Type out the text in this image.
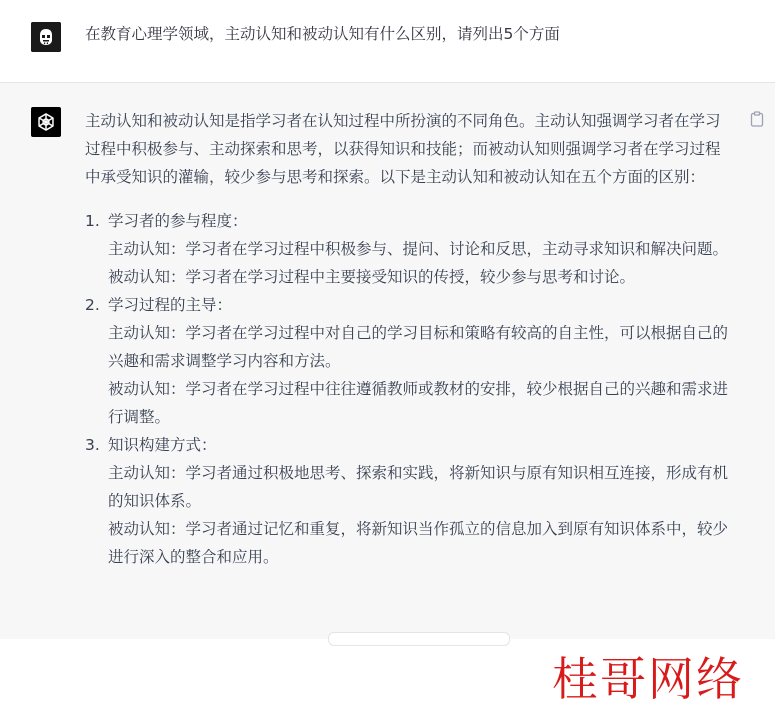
在教育心理学领域，主动认知和被动认知有什么区别，请列出5个方面

主动认知和被动认知是指学习者在认知过程中所扮演的不同角色。主动认知强调学习者在学习过程中积极参与、主动探索和思考，以获得知识和技能；而被动认知则强调学习者在学习过程中承受知识的灌输，较少参与思考和探索。以下是主动认知和被动认知在五个方面的区别：

1. 学习者的参与程度：
主动认知：学习者在学习过程中积极参与、提问、讨论和反思，主动寻求知识和解决问题。
被动认知：学习者在学习过程中主要接受知识的传授，较少参与思考和讨论。
2. 学习过程的主导：
主动认知：学习者在学习过程中对自己的学习目标和策略有较高的自主性，可以根据自己的兴趣和需求调整学习内容和方法。
被动认知：学习者在学习过程中往往遵循教师或教材的安排，较少根据自己的兴趣和需求进行调整。
3. 知识构建方式：
主动认知：学习者通过积极地思考、探索和实践，将新知识与原有知识相互连接，形成有机的知识体系。
被动认知：学习者通过记忆和重复，将新知识当作孤立的信息加入到原有知识体系中，较少进行深入的整合和应用。
桂哥网络
